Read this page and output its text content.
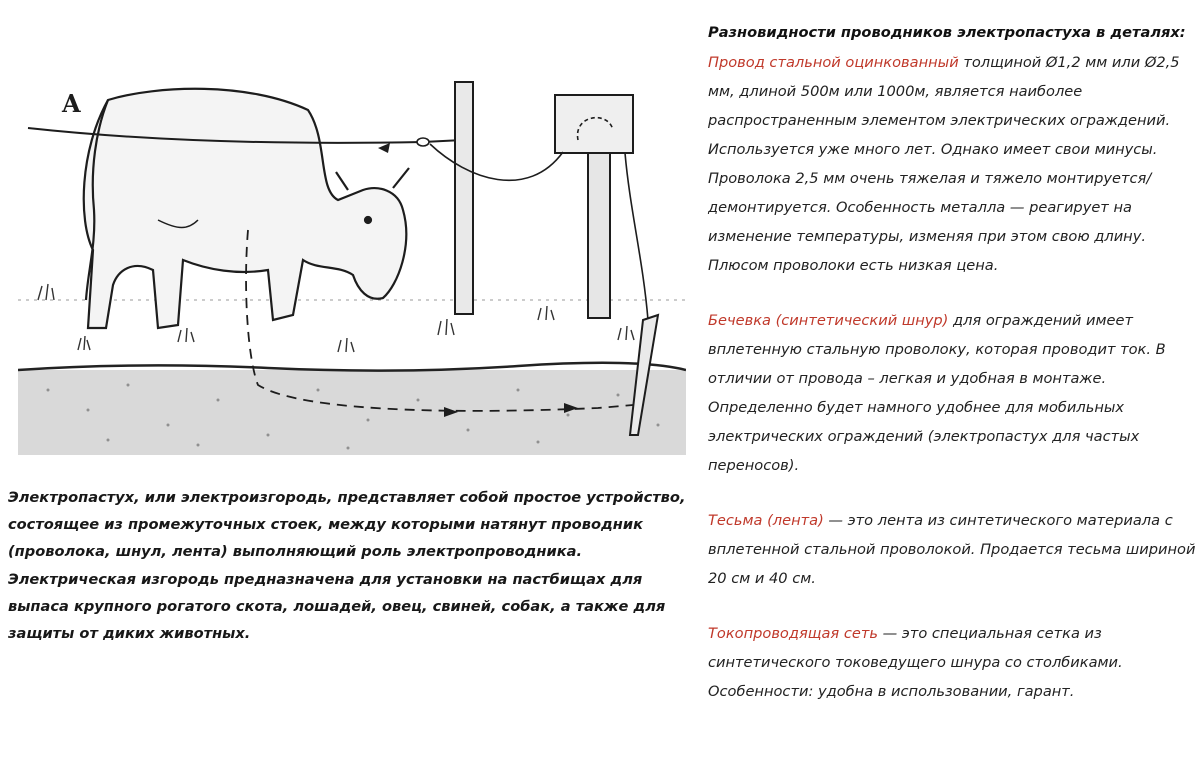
A

Электропастух, или электроизгородь, представляет собой простое устройство, состоящее из промежуточных стоек, между которыми натянут проводник (проволока, шнул, лента) выполняющий роль электропроводника. Электрическая изгородь предназначена для установки на пастбищах для выпаса крупного рогатого скота, лошадей, овец, свиней, собак, а также для защиты от диких животных.

Разновидности проводников электропастуха в деталях:

Провод стальной оцинкованный толщиной Ø1,2 мм или Ø2,5 мм, длиной 500м или 1000м, является наиболее распространенным элементом электрических ограждений. Используется уже много лет. Однако имеет свои минусы. Проволока 2,5 мм очень тяжелая и тяжело монтируется/демонтируется. Особенность металла — реагирует на изменение температуры, изменяя при этом свою длину. Плюсом проволоки есть низкая цена.

Бечевка (синтетический шнур) для ограждений имеет вплетенную стальную проволоку, которая проводит ток. В отличии от провода – легкая и удобная в монтаже. Определенно будет намного удобнее для мобильных электрических ограждений (электропастух для частых переносов).

Тесьма (лента) — это лента из синтетического материала с вплетенной стальной проволокой. Продается тесьма шириной 20 см и 40 см.

Токопроводящая сеть — это специальная сетка из синтетического токоведущего шнура со столбиками. Особенности: удобна в использовании, гарант.
